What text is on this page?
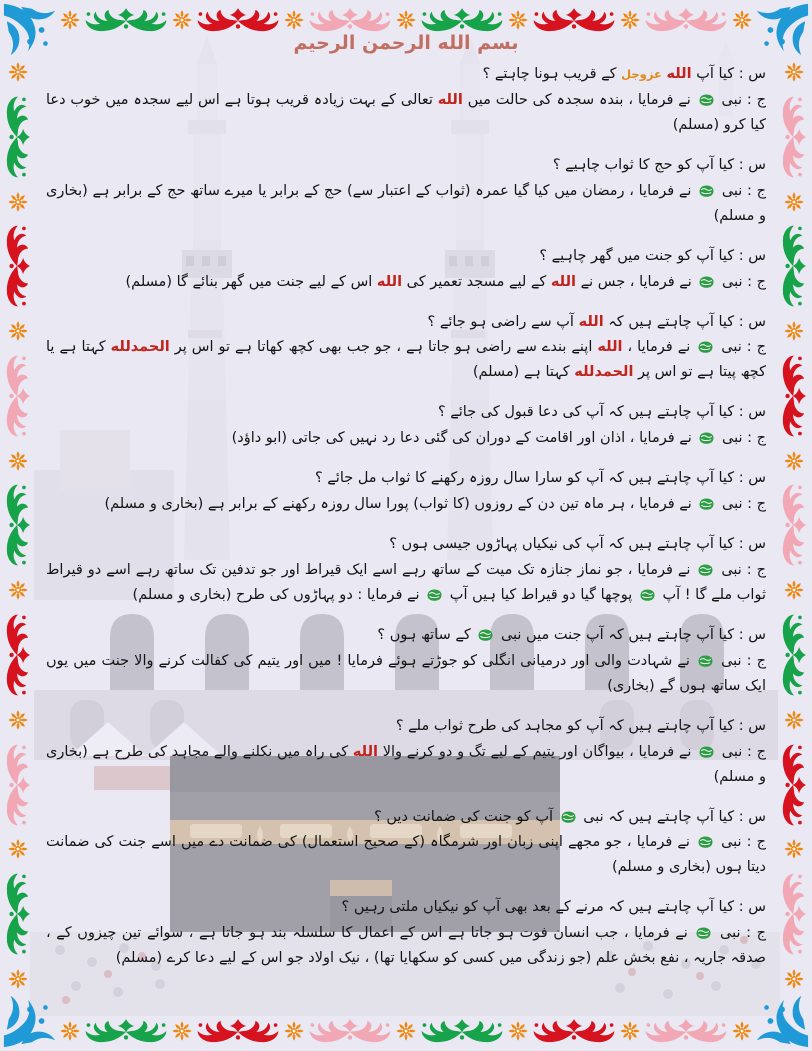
بسم الله الرحمن الرحيم

س : کیا آپ الله عزوجل کے قریب ہونا چاہتے ؟

ج : نبی
نے فرمایا ، بندہ سجدہ کی حالت میں الله تعالی کے بہت زیادہ قریب ہوتا ہے اس لیے سجدہ میں خوب دعا کیا کرو (مسلم)

س : کیا آپ کو حج کا ثواب چاہیے ؟

ج : نبی
نے فرمایا ، رمضان میں کیا گیا عمرہ (ثواب کے اعتبار سے) حج کے برابر یا میرے ساتھ حج کے برابر ہے (بخاری و مسلم)

س : کیا آپ کو جنت میں گھر چاہیے ؟

ج : نبی
نے فرمایا ، جس نے الله کے لیے مسجد تعمیر کی الله اس کے لیے جنت میں گھر بنائے گا (مسلم)

س : کیا آپ چاہتے ہیں کہ الله آپ سے راضی ہو جائے ؟

ج : نبی
نے فرمایا ، الله اپنے بندے سے راضی ہو جاتا ہے ، جو جب بھی کچھ کھاتا ہے تو اس پر الحمدلله کہتا ہے یا کچھ پیتا ہے تو اس پر الحمدلله کہتا ہے (مسلم)

س : کیا آپ چاہتے ہیں کہ آپ کی دعا قبول کی جائے ؟

ج : نبی
نے فرمایا ، اذان اور اقامت کے دوران کی گئی دعا رد نہیں کی جاتی (ابو داؤد)

س : کیا آپ چاہتے ہیں کہ آپ کو سارا سال روزہ رکھنے کا ثواب مل جائے ؟

ج : نبی
نے فرمایا ، ہر ماہ تین دن کے روزوں (کا ثواب) پورا سال روزہ رکھنے کے برابر ہے (بخاری و مسلم)

س : کیا آپ چاہتے ہیں کہ آپ کی نیکیاں پہاڑوں جیسی ہوں ؟

ج : نبی
نے فرمایا ، جو نماز جنازہ تک میت کے ساتھ رہے اسے ایک قیراط اور جو تدفین تک ساتھ رہے اسے دو قیراط ثواب ملے گا ! آپ
پوچھا گیا دو قیراط کیا ہیں آپ
نے فرمایا : دو پہاڑوں کی طرح (بخاری و مسلم)

س : کیا آپ چاہتے ہیں کہ آپ جنت میں نبی
کے ساتھ ہوں ؟

ج : نبی
نے شہادت والی اور درمیانی انگلی کو جوڑتے ہوئے فرمایا ! میں اور یتیم کی کفالت کرنے والا جنت میں یوں ایک ساتھ ہوں گے (بخاری)

س : کیا آپ چاہتے ہیں کہ آپ کو مجاہد کی طرح ثواب ملے ؟

ج : نبی
نے فرمایا ، بیواگان اور یتیم کے لیے تگ و دو کرنے والا الله کی راہ میں نکلنے والے مجاہد کی طرح ہے (بخاری و مسلم)

س : کیا آپ چاہتے ہیں کہ نبی
آپ کو جنت کی ضمانت دیں ؟

ج : نبی
نے فرمایا ، جو مجھے اپنی زبان اور شرمگاہ (کے صحیح استعمال) کی ضمانت دے میں اسے جنت کی ضمانت دیتا ہوں (بخاری و مسلم)

س : کیا آپ چاہتے ہیں کہ مرنے کے بعد بھی آپ کو نیکیاں ملتی رہیں ؟

ج : نبی
نے فرمایا ، جب انسان فوت ہو جاتا ہے اس کے اعمال کا سلسلہ بند ہو جاتا ہے ، سوائے تین چیزوں کے ، صدقہ جاریہ ، نفع بخش علم (جو زندگی میں کسی کو سکھایا تھا) ، نیک اولاد جو اس کے لیے دعا کرے (مسلم)
